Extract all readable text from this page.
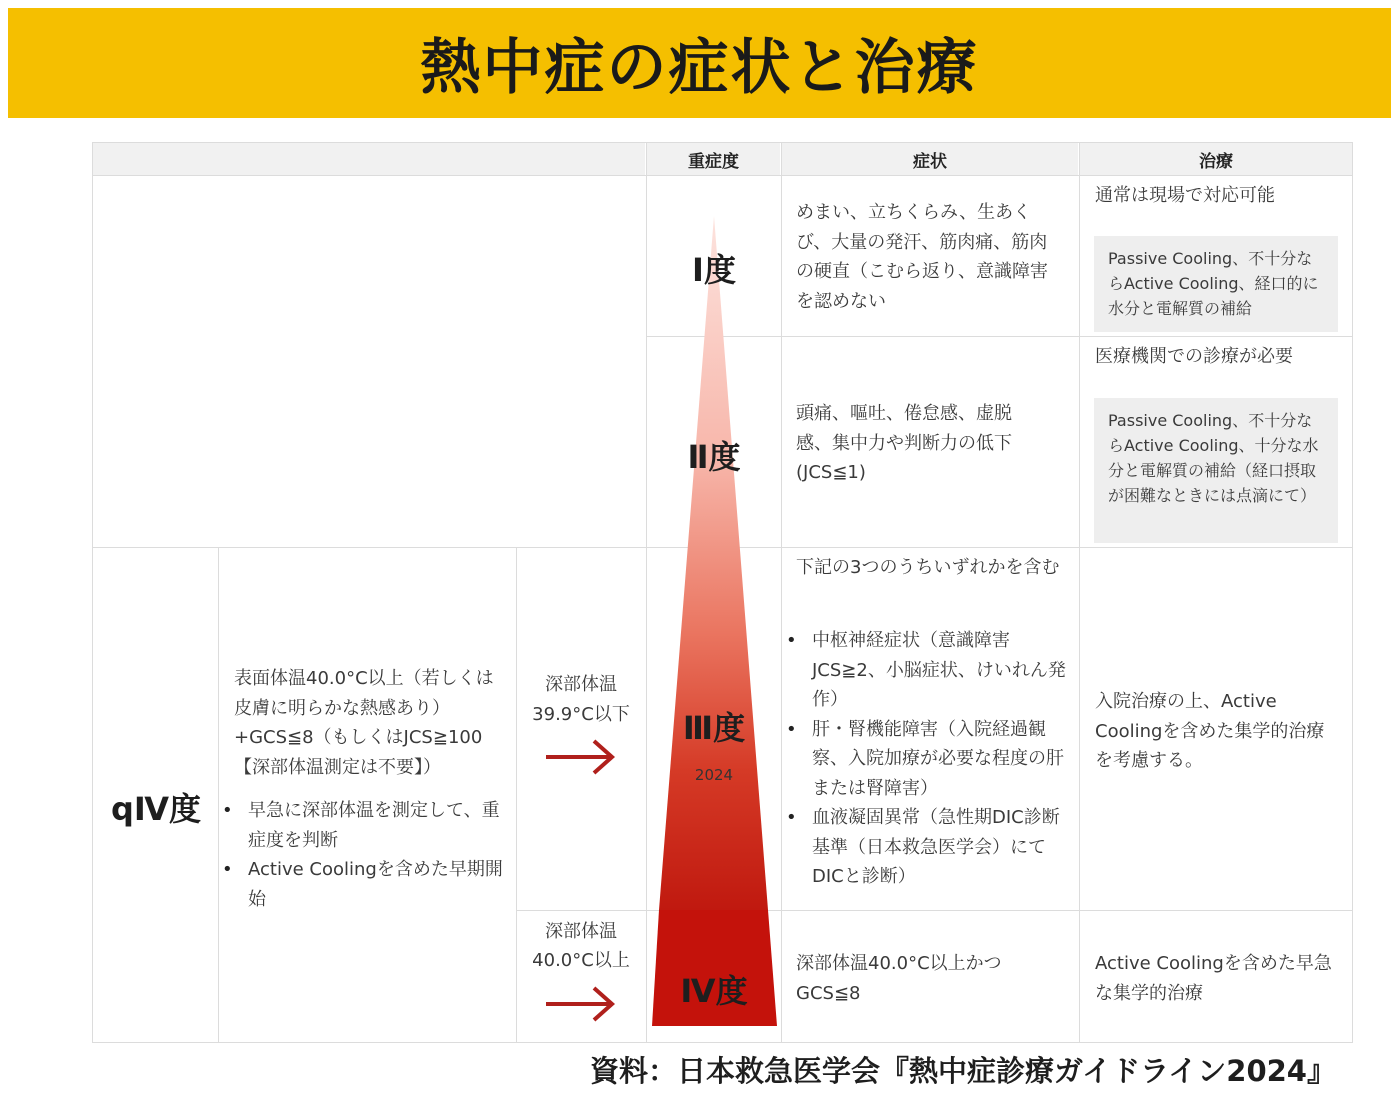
熱中症の症状と治療
重症度	症状	治療
Ⅰ度
Ⅱ度
Ⅲ度
2024
Ⅳ度
めまい、立ちくらみ、生あくび、大量の発汗、筋肉痛、筋肉の硬直（こむら返り、意識障害を認めない
通常は現場で対応可能
Passive Cooling、不十分ならActive Cooling、経口的に水分と電解質の補給
頭痛、嘔吐、倦怠感、虚脱感、集中力や判断力の低下(JCS≦1)
医療機関での診療が必要
Passive Cooling、不十分ならActive Cooling、十分な水分と電解質の補給（経口摂取が困難なときには点滴にて）
下記の3つのうちいずれかを含む
• 中枢神経症状（意識障害JCS≧2、小脳症状、けいれん発作）
• 肝・腎機能障害（入院経過観察、入院加療が必要な程度の肝または腎障害）
• 血液凝固異常（急性期DIC診断基準（日本救急医学会）にてDICと診断）
入院治療の上、Active Coolingを含めた集学的治療を考慮する。
深部体温40.0°C以上かつGCS≦8
Active Coolingを含めた早急な集学的治療
qⅣ度
表面体温40.0°C以上（若しくは皮膚に明らかな熱感あり）+GCS≦8（もしくはJCS≧100【深部体温測定は不要】）
• 早急に深部体温を測定して、重症度を判断
• Active Coolingを含めた早期開始
深部体温
39.9°C以下
深部体温
40.0°C以上
資料：日本救急医学会『熱中症診療ガイドライン2024』
